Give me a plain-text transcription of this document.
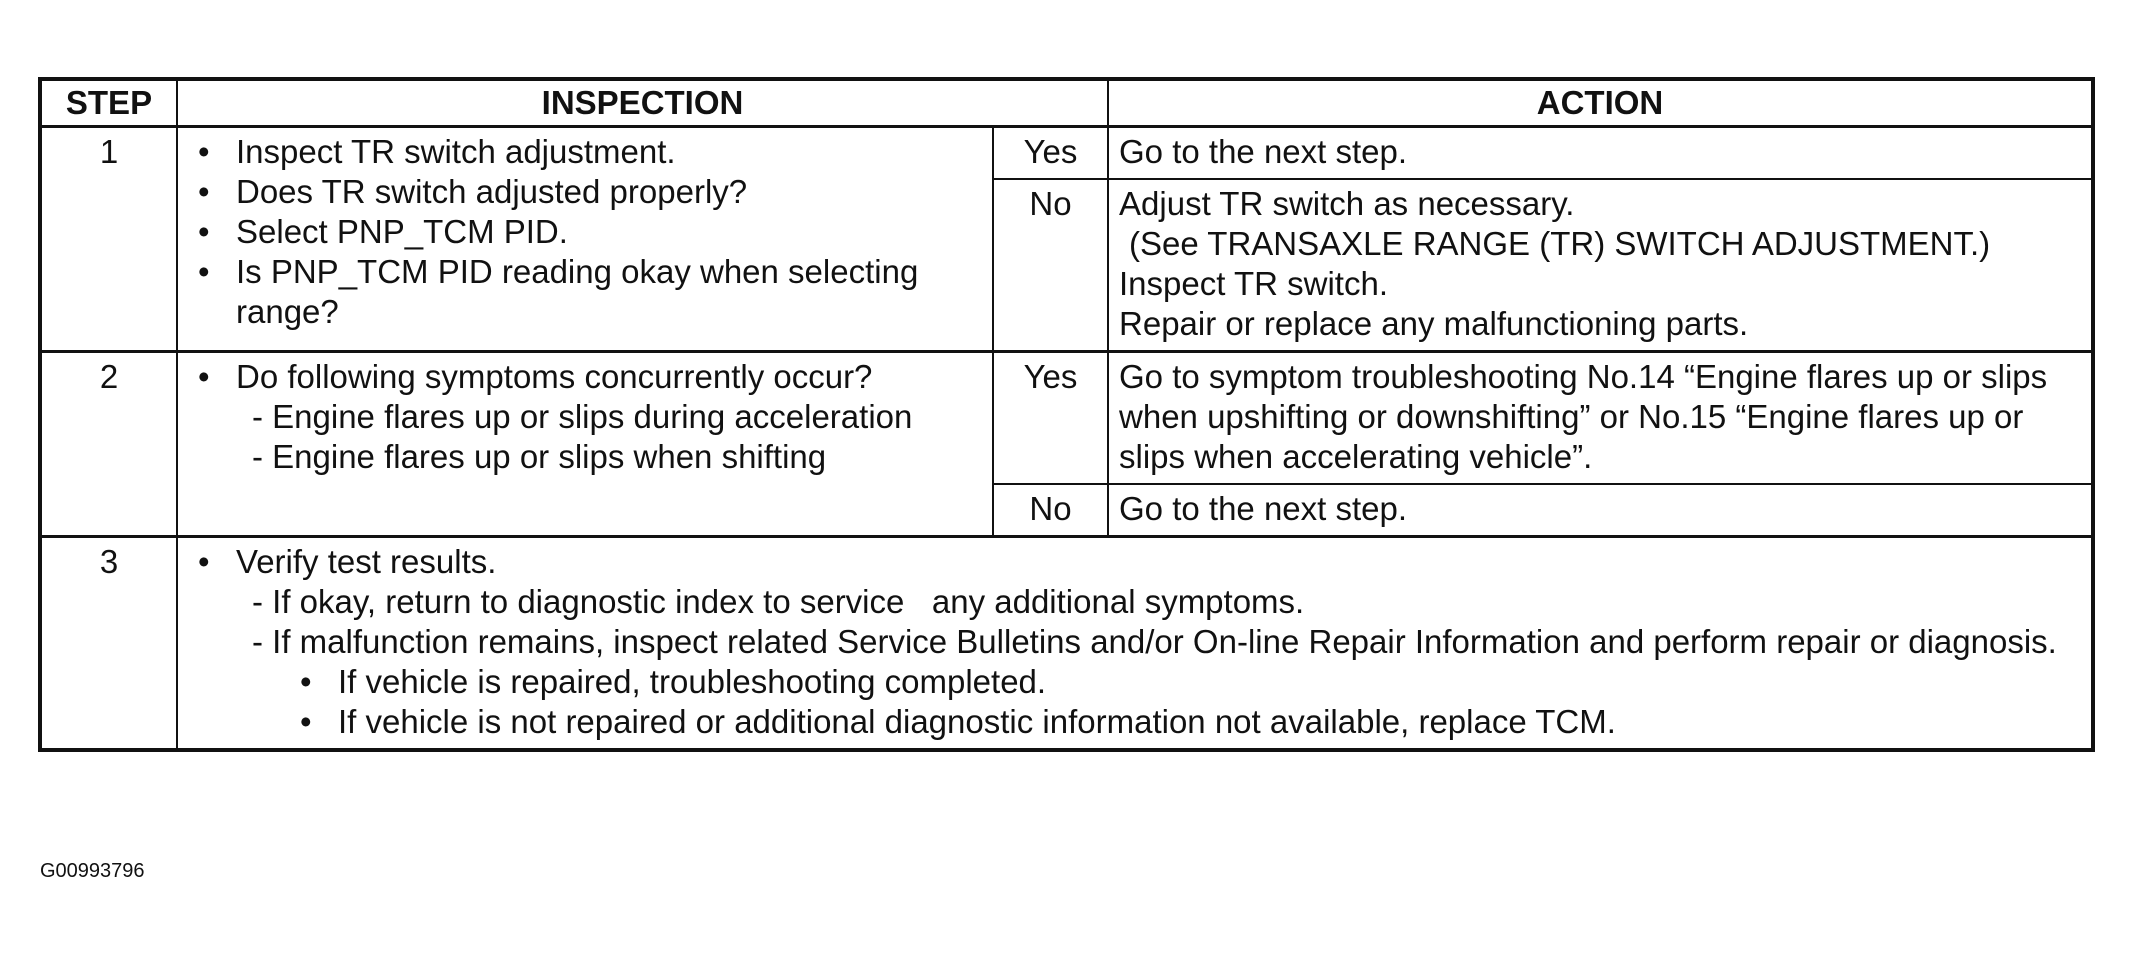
STEP	INSPECTION		ACTION
1	• Inspect TR switch adjustment.
• Does TR switch adjusted properly?
• Select PNP_TCM PID.
• Is PNP_TCM PID reading okay when selecting range?	Yes	Go to the next step.
		No	Adjust TR switch as necessary.
(See TRANSAXLE RANGE (TR) SWITCH ADJUSTMENT.)
Inspect TR switch.
Repair or replace any malfunctioning parts.

2	• Do following symptoms concurrently occur?
- Engine flares up or slips during acceleration
- Engine flares up or slips when shifting	Yes	Go to symptom troubleshooting No.14 “Engine flares up or slips when upshifting or downshifting” or No.15 “Engine flares up or slips when accelerating vehicle”.
		No	Go to the next step.
3	• Verify test results.
- If okay, return to diagnostic index to service   any additional symptoms.
- If malfunction remains, inspect related Service Bulletins and/or On-line Repair Information and perform repair or diagnosis.
• If vehicle is repaired, troubleshooting completed.
• If vehicle is not repaired or additional diagnostic information not available, replace TCM.		
G00993796
